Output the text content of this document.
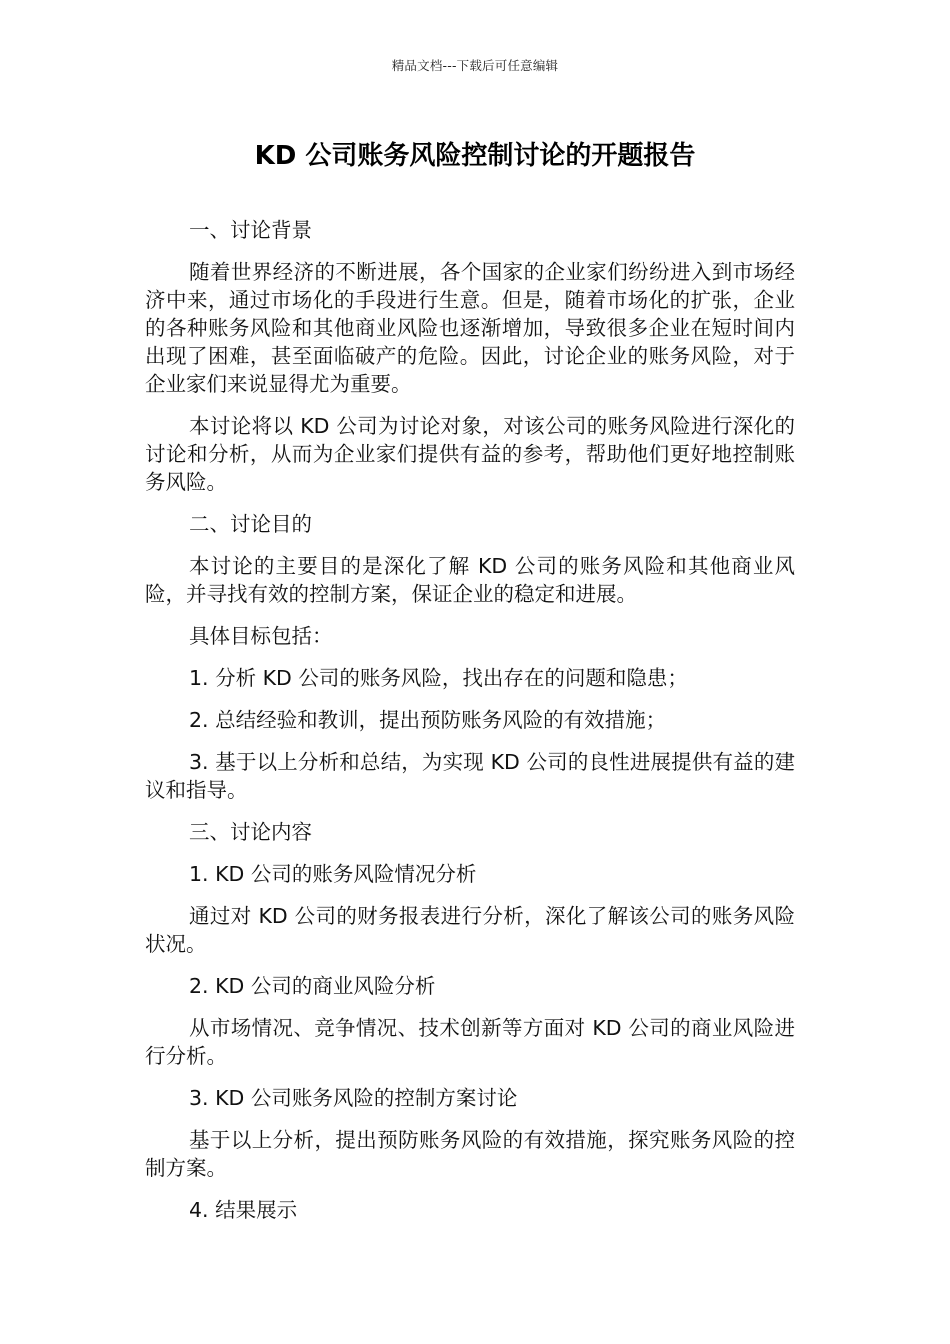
精品文档---下载后可任意编辑
KD 公司账务风险控制讨论的开题报告

一、讨论背景

随着世界经济的不断进展，各个国家的企业家们纷纷进入到市场经济中来，通过市场化的手段进行生意。但是，随着市场化的扩张，企业的各种账务风险和其他商业风险也逐渐增加，导致很多企业在短时间内出现了困难，甚至面临破产的危险。因此，讨论企业的账务风险，对于企业家们来说显得尤为重要。

本讨论将以 KD 公司为讨论对象，对该公司的账务风险进行深化的讨论和分析，从而为企业家们提供有益的参考，帮助他们更好地控制账务风险。

二、讨论目的

本讨论的主要目的是深化了解 KD 公司的账务风险和其他商业风险，并寻找有效的控制方案，保证企业的稳定和进展。

具体目标包括：

1. 分析 KD 公司的账务风险，找出存在的问题和隐患；

2. 总结经验和教训，提出预防账务风险的有效措施；

3. 基于以上分析和总结，为实现 KD 公司的良性进展提供有益的建议和指导。

三、讨论内容

1. KD 公司的账务风险情况分析

通过对 KD 公司的财务报表进行分析，深化了解该公司的账务风险状况。

2. KD 公司的商业风险分析

从市场情况、竞争情况、技术创新等方面对 KD 公司的商业风险进行分析。

3. KD 公司账务风险的控制方案讨论

基于以上分析，提出预防账务风险的有效措施，探究账务风险的控制方案。

4. 结果展示
